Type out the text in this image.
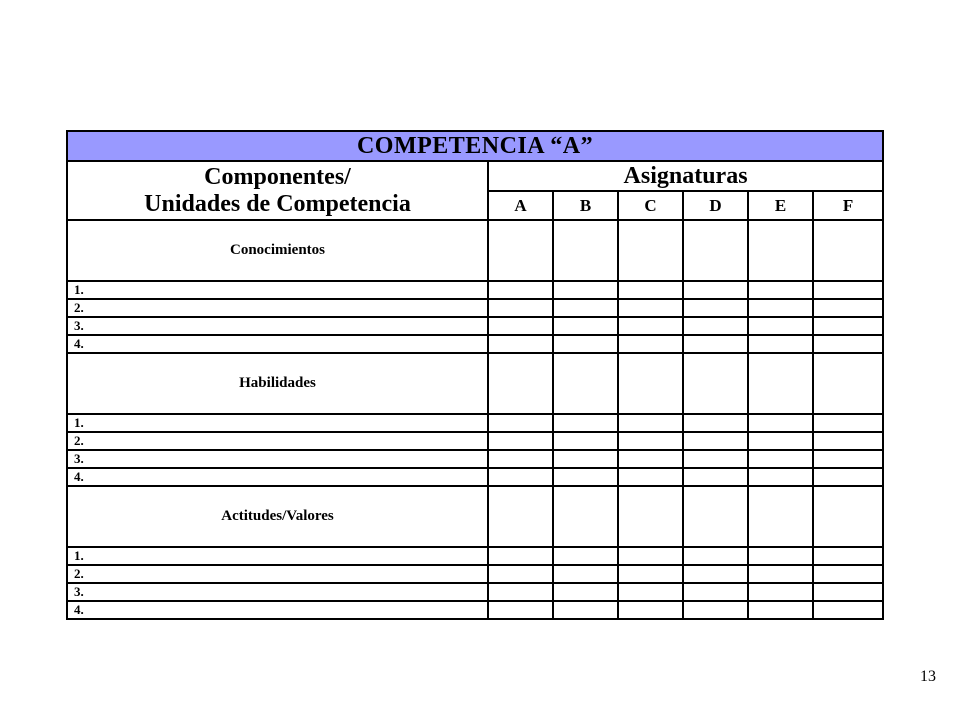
COMPETENCIA “A”						

Componentes/
Unidades de Competencia	Asignaturas					
	A	B	C	D	E	F
Conocimientos						
1.						
2.						
3.						
4.						
Habilidades						
1.						
2.						
3.						
4.						
Actitudes/Valores						
1.						
2.						
3.						
4.						
13
